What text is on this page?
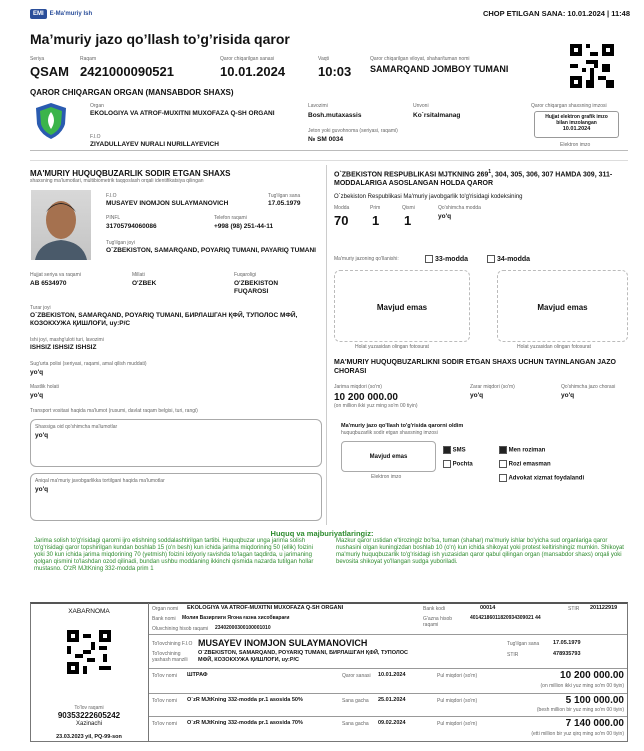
EMI	E-Ma'muriy Ish	CHOP ETILGAN SANA: 10.01.2024 | 11:48
Ma’muriy jazo qo’llash to’g’risida qaror
Seriya
QSAM
Raqam
2421000090521
Qaror chiqarilgan sanasi
10.01.2024
Vaqti
10:03
Qaror chiqarilgan viloyat, shahar/tuman nomi
SAMARQAND JOMBOY TUMANI
QAROR CHIQARGAN ORGAN (MANSABDOR SHAXS)
Organ
EKOLOGIYA VA ATROF-MUXITNI MUXOFAZA Q-SH ORGANI
F.I.O
ZIYADULLAYEV NURALI NURILLAYEVICH
Lavozimi
Bosh.mutaxassis
Unvoni
Ko`rsitalmanag
Jeton yoki guvohnoma (seriyasi, raqami)
№ SM 0034
Qaror chiqargan shaxsning imzosi
Hujjat elektron grafik imzo bilan imzolangan
10.01.2024
Elektron imzo
MA'MURIY HUQUQBUZARLIK SODIR ETGAN SHAXS
shaxsning ma'lumotlari, multibiometrik taqqoslash orqali identifikatsiya qilingan
F.I.O
MUSAYEV INOMJON SULAYMANOVICH
Tug'ilgan sana
17.05.1979
PINFL
31705794060086
Telefon raqami
+998 (98) 251-44-11
Tug'ilgan joyi
O`ZBEKISTON, SAMARQAND, POYARIQ TUMANI, PAYARIQ TUMANI
Hujjat seriya va raqami
AB 6534970
Millati
O'ZBEK
Fuqaroligi
O'ZBEKISTON FUQAROSI
Turar joyi
O`ZBEKISTON, SAMARQAND, POYARIQ TUMANI, БИРЛАШГАН ҚФЙ, ТУПОЛОС МФЙ, КОЗОКХУЖА ҚИШЛОҒИ, uy:P/C
Ishi joyi, mashg'uloti turi, lavozimi
ISHSIZ ISHSIZ ISHSIZ
Sug'urta polisi (seriyasi, raqami, amal qilish muddati)
yo'q
Mastlik holati
yo'q
Transport vositasi haqida ma'lumot (rusumi, davlat raqam belgisi, turi, rangi)
Shaxsiga oid qo'shimcha ma'lumotlar
yo'q
Aniqal ma'muriy javobgarlikka tortilgani haqida ma'lumotlar
yo'q
O`ZBEKISTON RESPUBLIKASI MJTKNING $269^1$, 304, 305, 306, 307 HAMDA 309, 311-MODDALARIGA ASOSLANGAN HOLDA QAROR
O`zbekiston Respublikasi Ma'muriy javobgarlik to'g'risidagi kodeksining
Modda
70
Prim
1
Qismi
1
Qo'shimcha modda
yo'q
Ma'muriy jazoning qo'llanishi:	33-modda	34-modda
Mavjud emas
Holat yuzasidan olingan fotosurat
Mavjud emas
Holat yuzasidan olingan fotosurat
MA'MURIY HUQUQBUZARLIKNI SODIR ETGAN SHAXS UCHUN TAYINLANGAN JAZO CHORASI
Jarima miqdori (so'm)
10 200 000.00
(on million ikki yuz ming so'm 00 tiyin)
Zarar miqdori (so'm)
yo'q
Qo'shimcha jazo chorasi
yo'q
Ma'muriy jazo qo'llash to'g'risida qarorni oldim
huquqbuzarlik sodir etgan shaxsning imzosi
Mavjud emas
Elektron imzo
SMS
Pochta
Men roziman
Rozi emasman
Advokat xizmat foydalandi
Huquq va majburiyatlaringiz:
Jarima solish to'g'risidagi qarorni ijro etishning soddalashtirilgan tartibi. Huquqbuzar unga jarima solish to'g'risidagi qaror topshirilgan kundan boshlab 15 (o'n besh) kun ichida jarima miqdorining 50 (ellik) foizini yoki 30 kun ichida jarima miqdorining 70 (yetmish) foizini ixtiyoriy ravishda to'lagan taqdirda, u jarimaning qolgan qismini to'lashdan ozod qilinadi, bundan ushbu moddaning ikkinchi qismida nazarda tutilgan hollar mustasno. O'zR MJtKning 332-modda prim 1
Mazkur qaror ustidan e'tirozingiz bo'lsa, tuman (shahar) ma'muriy ishlar bo'yicha sud organlariga qaror nushasini olgan kuningizdan boshlab 10 (o'n) kun ichida shikoyat yoki protest keltirishingiz mumkin. Shikoyat ma'muriy huquqbuzarlik to'g'risidagi ish yuzasidan qaror qabul qilingan organ (mansabdor shaxs) orqali yoki bevosita shikoyat yo'llangan sudga yuboriladi.
XABARNOMA
To'lov raqami
90353222605242
Xazinachi
23.03.2023 yil, PQ-99-son
Organ nomi EKOLOGIYA VA ATROF-MUXITNI MUXOFAZA Q-SH ORGANI	Bank kodi	00014	STIR 201122919
Bank nomi Молия Вазирлиги Ягона ғазна хисобварағи	G'azna hisob raqami
40142186011820934309021 44
Oluvchining hisob raqami 23402000300100001010
To'lovchining F.I.O MUSAYEV INOMJON SULAYMANOVICH	Tug'ilgan sana	17.05.1979
To'lovchining yashash manzili
O`ZBEKISTON, SAMARQAND, POYARIQ TUMANI, БИРЛАШГАН ҚФЙ, ТУПОЛОС МФЙ, КОЗОКХУЖА ҚИШЛОҒИ, uy:P/C
STIR	478935793
To'lov nomi ШТРАФ	Qaror sanasi 10.01.2024	Pul miqdori (so'm)	10 200 000.00
(on million ikki yuz ming so'm 00 tiyin)
To'lov nomi O`zR MJtKning 332-modda pr.1 asosida 50%	Sana gacha 25.01.2024	Pul miqdori (so'm)	5 100 000.00
(besh million bir yuz ming so'm 00 tiyin)
To'lov nomi O`zR MJtKning 332-modda pr.1 asosida 70%	Sana gacha 09.02.2024	Pul miqdori (so'm)	7 140 000.00
(etti million bir yuz qirq ming so'm 00 tiyin)
